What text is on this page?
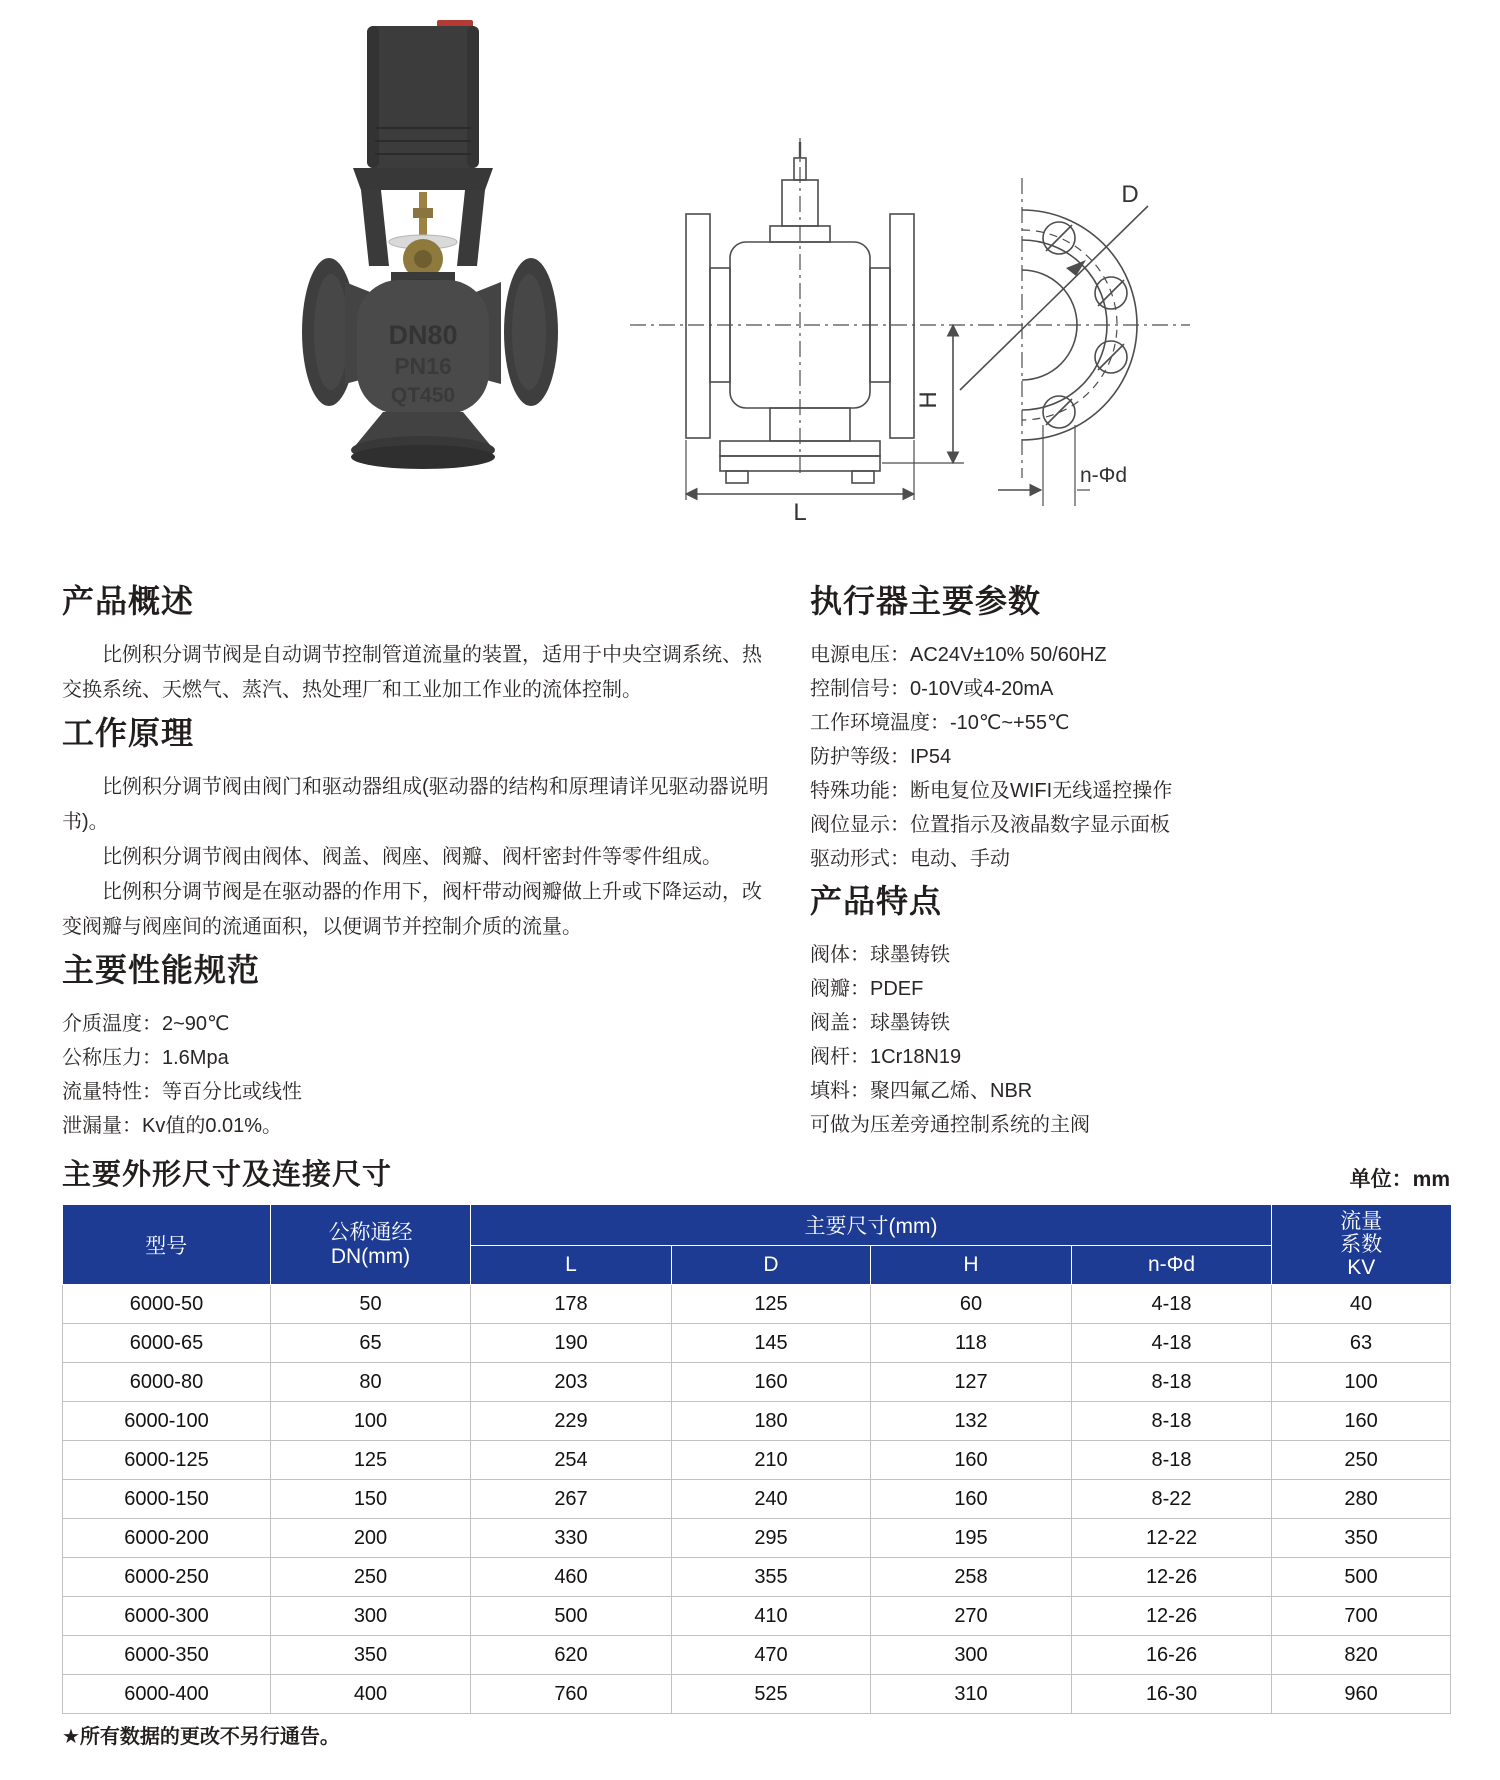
DN80
PN16
QT450	H
L
D
n-Φd
产品概述

比例积分调节阀是自动调节控制管道流量的装置，适用于中央空调系统、热交换系统、天燃气、蒸汽、热处理厂和工业加工作业的流体控制。

工作原理
比例积分调节阀由阀门和驱动器组成(驱动器的结构和原理请详见驱动器说明书)。
比例积分调节阀由阀体、阀盖、阀座、阀瓣、阀杆密封件等零件组成。
比例积分调节阀是在驱动器的作用下，阀杆带动阀瓣做上升或下降运动，改变阀瓣与阀座间的流通面积，以便调节并控制介质的流量。
主要性能规范
介质温度：2~90℃
公称压力：1.6Mpa
流量特性：等百分比或线性
泄漏量：Kv值的0.01%。
执行器主要参数
电源电压：AC24V±10% 50/60HZ
控制信号：0-10V或4-20mA
工作环境温度：-10℃~+55℃
防护等级：IP54
特殊功能：断电复位及WIFI无线遥控操作
阀位显示：位置指示及液晶数字显示面板
驱动形式：电动、手动
产品特点
阀体：球墨铸铁
阀瓣：PDEF
阀盖：球墨铸铁
阀杆：1Cr18N19
填料：聚四氟乙烯、NBR
可做为压差旁通控制系统的主阀
主要外形尺寸及连接尺寸	单位：mm
型号	公称通经
DN(mm)	主要尺寸(mm)				流量
系数
KV

		L	D	H	n-Φd	
6000-50	50	178	125	60	4-18	40
6000-65	65	190	145	118	4-18	63
6000-80	80	203	160	127	8-18	100
6000-100	100	229	180	132	8-18	160
6000-125	125	254	210	160	8-18	250
6000-150	150	267	240	160	8-22	280
6000-200	200	330	295	195	12-22	350
6000-250	250	460	355	258	12-26	500
6000-300	300	500	410	270	12-26	700
6000-350	350	620	470	300	16-26	820
6000-400	400	760	525	310	16-30	960
★所有数据的更改不另行通告。
